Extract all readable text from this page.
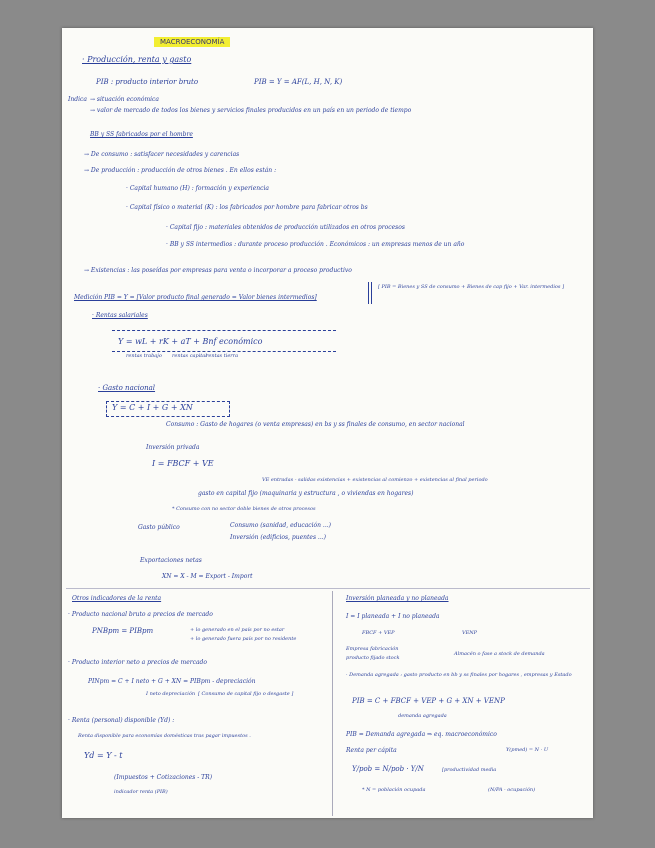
MACROECONOMÍA
· Producción, renta y gasto
PIB : producto interior bruto	PIB = Y = AF(L, H, N, K)
Indica → situación económica
→ valor de mercado de todos los bienes y servicios finales producidos en un país en un periodo de tiempo
BB y SS fabricados por el hombre
→ De consumo : satisfacer necesidades y carencias
→ De producción : producción de otros bienes . En ellos están :
· Capital humano (H) : formación y experiencia
· Capital físico o material (K) : los fabricados por hombre para fabricar otros bs
· Capital fijo : materiales obtenidos de producción utilizados en otros procesos
· BB y SS intermedios : durante proceso producción . Económicos : un empresas menos de un año
→ Existencias : las poseídas por empresas para venta o incorporar a proceso productivo
Medición PIB = Y = [Valor producto final generado = Valor bienes intermedios]
[ PIB = Bienes y SS de consumo + Bienes de cap fijo + Var. intermedios ]
· Rentas salariales
Y = wL + rK + aT + Bnf económico
rentas trabajo rentas capital rentas tierra
· Gasto nacional
Y = C + I + G + XN
Consumo : Gasto de hogares (o venta empresas) en bs y ss finales de consumo, en sector nacional
Inversión privada
I = FBCF + VE
VE entradas - salidas existencias + existencias al comienzo + existencias al final periodo
gasto en capital fijo (maquinaria y estructura , o viviendas en hogares)
* Consumo con no sector doble bienes de otros procesos
Gasto público	Consumo (sanidad, educación ...)
Inversión (edificios, puentes ...)
Exportaciones netas
XN = X - M = Export - Import
Otros indicadores de la renta
· Producto nacional bruto a precios de mercado
PNBpm = PIBpm	+ lo generado en el país por no estar
+ lo generado fuera país por no residente
· Producto interior neto a precios de mercado
PINpm = C + I neto + G + XN = PIBpm - depreciación
I neto depreciación [ Consumo de capital fijo o desgaste ]
· Renta (personal) disponible (Yd) :
Renta disponible para economías domésticas tras pagar impuestos .
Yd = Y - t
(Impuestos + Cotizaciones - TR)
indicador renta (PIB)
Inversión planeada y no planeada
I = I planeada + I no planeada
FBCF + VEP	VENP
Empresa fabricación
producto fijado stock
Almacén o fase a stock de demanda
· Demanda agregada : gasto producto en bb y ss finales por hogares , empresas y Estado
PIB = C + FBCF + VEP + G + XN + VENP
demanda agregada
PIB = Demanda agregada ⇒ eq. macroeconómico
Renta per cápita	Y(pmed) = N · U
Y/pob = N/pob · Y/N	[productividad media
* N = población ocupada	(N/PA · ocupación)
